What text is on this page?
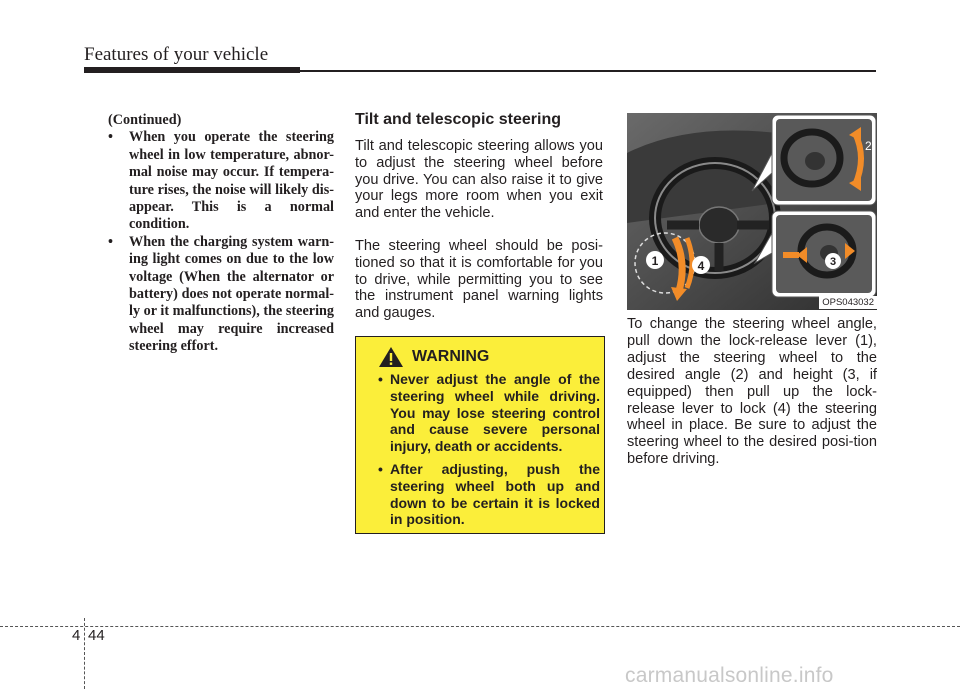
Features of your vehicle
(Continued)
• When you operate the steering wheel in low temperature, abnor-mal noise may occur. If tempera-ture rises, the noise will likely dis-appear. This is a normal condition.
• When the charging system warn-ing light comes on due to the low voltage (When the alternator or battery) does not operate normal-ly or it malfunctions), the steering wheel may require increased steering effort.
Tilt and telescopic steering

Tilt and telescopic steering allows you to adjust the steering wheel before you drive. You can also raise it to give your legs more room when you exit and enter the vehicle.

The steering wheel should be posi-tioned so that it is comfortable for you to drive, while permitting you to see the instrument panel warning lights and gauges.

WARNING
• Never adjust the angle of the steering wheel while driving. You may lose steering control and cause severe personal injury, death or accidents.
• After adjusting, push the steering wheel both up and down to be certain it is locked in position.
1	4
2
3
OPS043032

To change the steering wheel angle, pull down the lock-release lever (1), adjust the steering wheel to the desired angle (2) and height (3, if equipped) then pull up the lock-release lever to lock (4) the steering wheel in place. Be sure to adjust the steering wheel to the desired posi-tion before driving.

4 44
carmanualsonline.info
